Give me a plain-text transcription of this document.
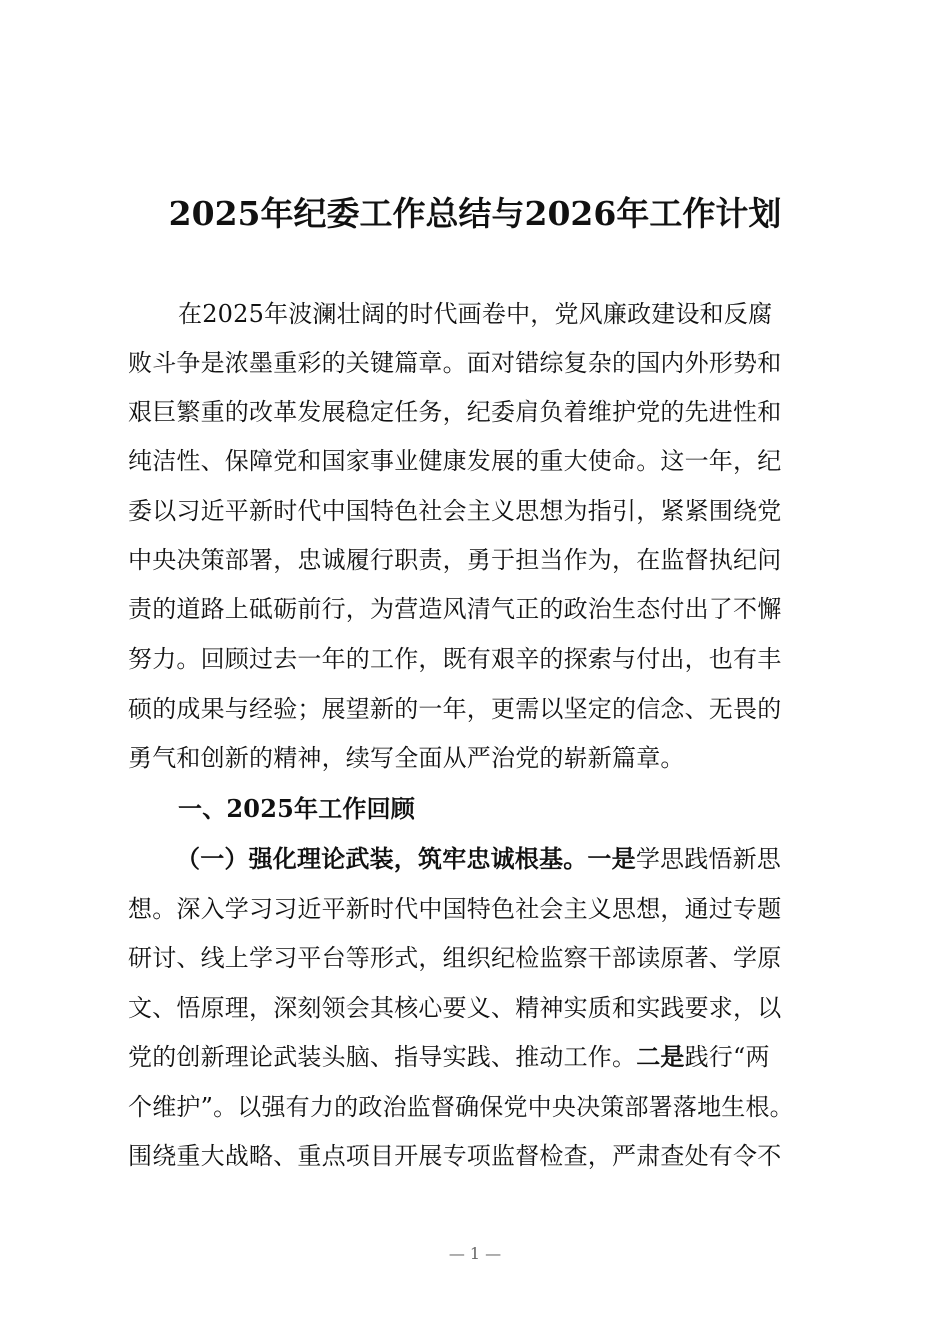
2025年纪委工作总结与2026年工作计划
在2025年波澜壮阔的时代画卷中，党风廉政建设和反腐
败斗争是浓墨重彩的关键篇章。面对错综复杂的国内外形势和
艰巨繁重的改革发展稳定任务，纪委肩负着维护党的先进性和
纯洁性、保障党和国家事业健康发展的重大使命。这一年，纪
委以习近平新时代中国特色社会主义思想为指引，紧紧围绕党
中央决策部署，忠诚履行职责，勇于担当作为，在监督执纪问
责的道路上砥砺前行，为营造风清气正的政治生态付出了不懈
努力。回顾过去一年的工作，既有艰辛的探索与付出，也有丰
硕的成果与经验；展望新的一年，更需以坚定的信念、无畏的
勇气和创新的精神，续写全面从严治党的崭新篇章。
一、2025年工作回顾
（一）强化理论武装，筑牢忠诚根基。一是学思践悟新思
想。深入学习习近平新时代中国特色社会主义思想，通过专题
研讨、线上学习平台等形式，组织纪检监察干部读原著、学原
文、悟原理，深刻领会其核心要义、精神实质和实践要求，以
党的创新理论武装头脑、指导实践、推动工作。二是践行“两
个维护”。以强有力的政治监督确保党中央决策部署落地生根。
围绕重大战略、重点项目开展专项监督检查，严肃查处有令不
— 1 —
